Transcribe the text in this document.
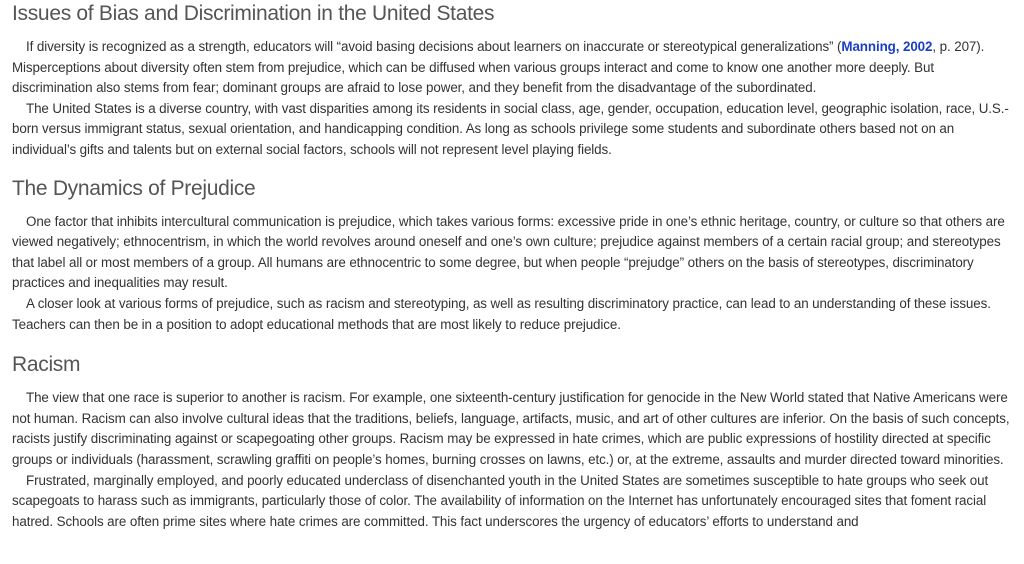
Issues of Bias and Discrimination in the United States

If diversity is recognized as a strength, educators will “avoid basing decisions about learners on inaccurate or stereotypical generalizations” (Manning, 2002, p. 207). Misperceptions about diversity often stem from prejudice, which can be diffused when various groups interact and come to know one another more deeply. But discrimination also stems from fear; dominant groups are afraid to lose power, and they benefit from the disadvantage of the subordinated.

The United States is a diverse country, with vast disparities among its residents in social class, age, gender, occupation, education level, geographic isolation, race, U.S.-born versus immigrant status, sexual orientation, and handicapping condition. As long as schools privilege some students and subordinate others based not on an individual’s gifts and talents but on external social factors, schools will not represent level playing fields.

The Dynamics of Prejudice

One factor that inhibits intercultural communication is prejudice, which takes various forms: excessive pride in one’s ethnic heritage, country, or culture so that others are viewed negatively; ethnocentrism, in which the world revolves around oneself and one’s own culture; prejudice against members of a certain racial group; and stereotypes that label all or most members of a group. All humans are ethnocentric to some degree, but when people “prejudge” others on the basis of stereotypes, discriminatory practices and inequalities may result.

A closer look at various forms of prejudice, such as racism and stereotyping, as well as resulting discriminatory practice, can lead to an understanding of these issues. Teachers can then be in a position to adopt educational methods that are most likely to reduce prejudice.

Racism

The view that one race is superior to another is racism. For example, one sixteenth-century justification for genocide in the New World stated that Native Americans were not human. Racism can also involve cultural ideas that the traditions, beliefs, language, artifacts, music, and art of other cultures are inferior. On the basis of such concepts, racists justify discriminating against or scapegoating other groups. Racism may be expressed in hate crimes, which are public expressions of hostility directed at specific groups or individuals (harassment, scrawling graffiti on people’s homes, burning crosses on lawns, etc.) or, at the extreme, assaults and murder directed toward minorities.

Frustrated, marginally employed, and poorly educated underclass of disenchanted youth in the United States are sometimes susceptible to hate groups who seek out scapegoats to harass such as immigrants, particularly those of color. The availability of information on the Internet has unfortunately encouraged sites that foment racial hatred. Schools are often prime sites where hate crimes are committed. This fact underscores the urgency of educators’ efforts to understand and
